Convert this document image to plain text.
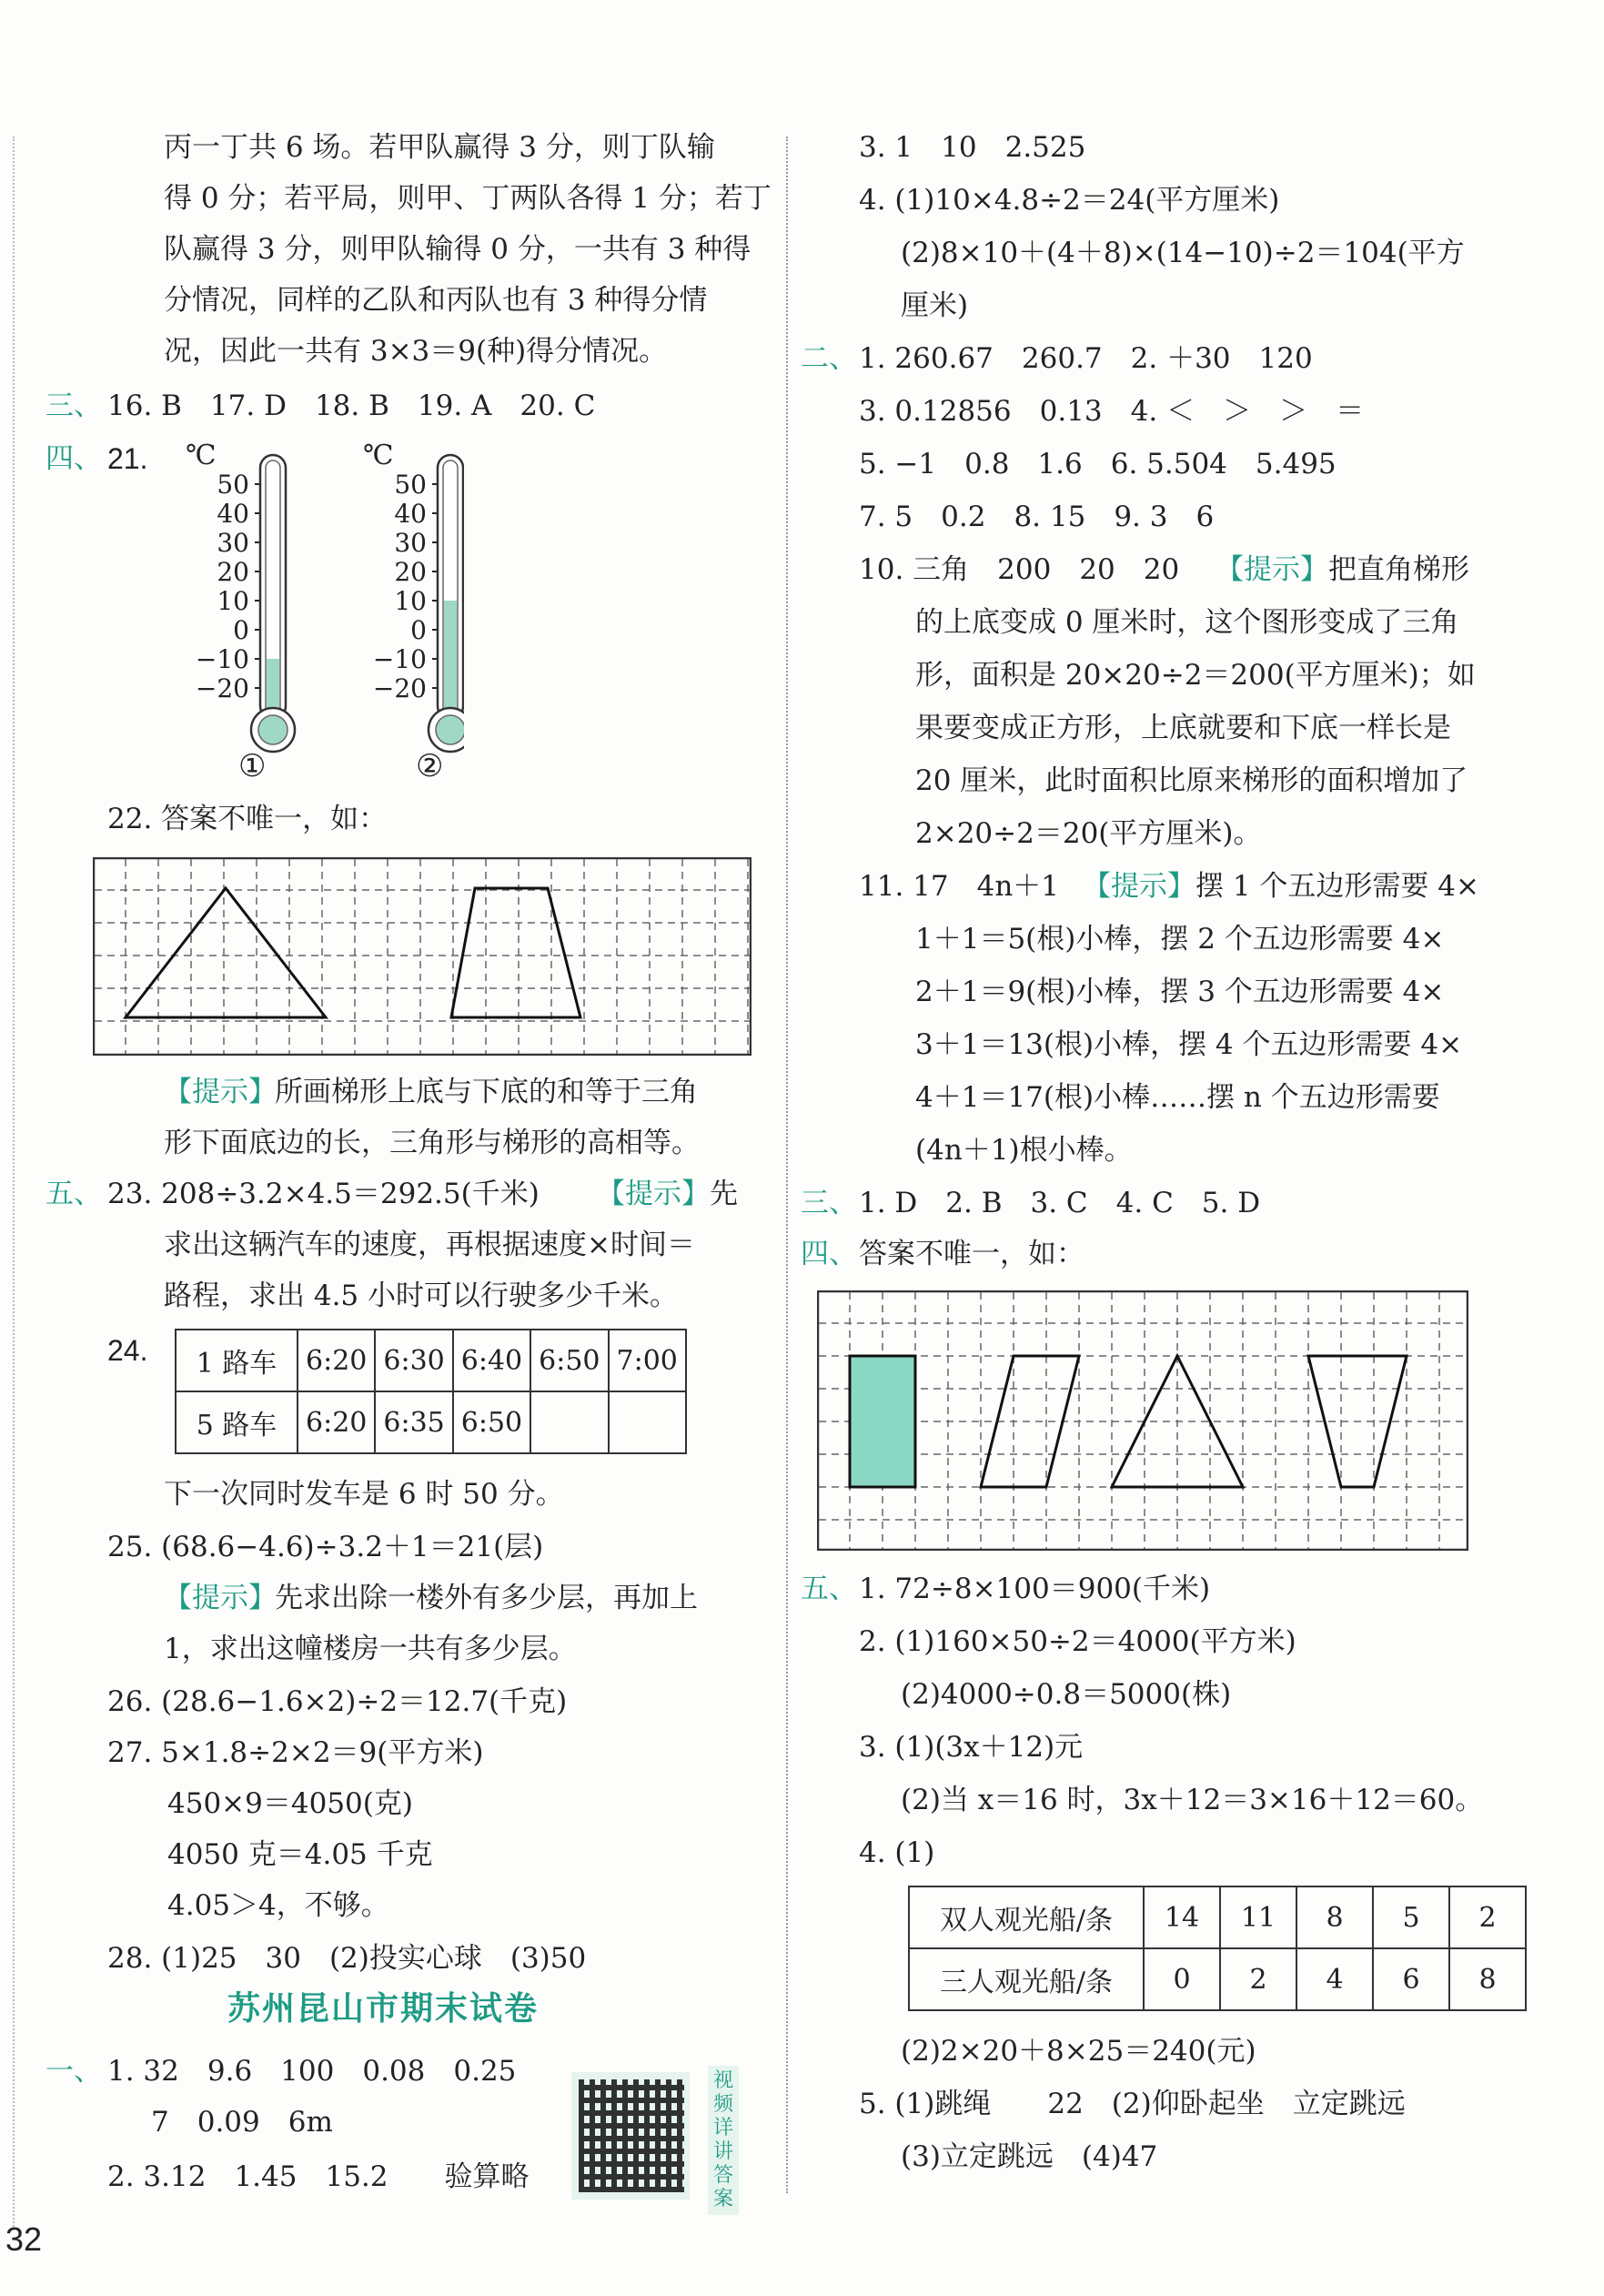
丙一丁共 6 场。若甲队赢得 3 分，则丁队输
得 0 分；若平局，则甲、丁两队各得 1 分；若丁
队赢得 3 分，则甲队输得 0 分，一共有 3 种得
分情况，同样的乙队和丙队也有 3 种得分情
况，因此一共有 3×3＝9(种)得分情况。
三、 16. B　17. D　18. B　19. A　20. C
四、 21. ℃
50
40
30
20
10
0
−10
−20
℃
50
40
30
20
10
0
−10
−20
①	②
22. 答案不唯一，如：
【提示】
所画梯形上底与下底的和等于三角
形下面底边的长，三角形与梯形的高相等。
五、 23. 208÷3.2×4.5＝292.5(千米) 【提示】 先
求出这辆汽车的速度，再根据速度×时间＝
路程，求出 4.5 小时可以行驶多少千米。
24. 1 路车	6:20	6:30	6:40	6:50	7:00
5 路车	6:20	6:35	6:50		
下一次同时发车是 6 时 50 分。
25. (68.6−4.6)÷3.2＋1＝21(层)
【提示】
先求出除一楼外有多少层，再加上
1，求出这幢楼房一共有多少层。
26. (28.6−1.6×2)÷2＝12.7(千克)
27. 5×1.8÷2×2＝9(平方米)
450×9＝4050(克)
4050 克＝4.05 千克
4.05＞4，不够。
28. (1)25　30　(2)投实心球　(3)50
苏州昆山市期末试卷
一、 1. 32　9.6　100　0.08　0.25
7　0.09　6m
2. 3.12　1.45　15.2　　验算略
视频详讲答案
3. 1　10　2.525
4. (1)10×4.8÷2＝24(平方厘米)
(2)8×10＋(4＋8)×(14−10)÷2＝104(平方
厘米)
二、 1. 260.67　260.7　2. ＋30　120
3. 0.12856　0.13　4. ＜　＞　＞　＝
5. −1　0.8　1.6　6. 5.504　5.495
7. 5　0.2　8. 15　9. 3　6
10. 三角　200　20　20 【提示】 把直角梯形
的上底变成 0 厘米时，这个图形变成了三角
形，面积是 20×20÷2＝200(平方厘米)；如
果要变成正方形，上底就要和下底一样长是
20 厘米，此时面积比原来梯形的面积增加了
2×20÷2＝20(平方厘米)。
11. 17　4n＋1 【提示】 摆 1 个五边形需要 4×
1＋1＝5(根)小棒，摆 2 个五边形需要 4×
2＋1＝9(根)小棒，摆 3 个五边形需要 4×
3＋1＝13(根)小棒，摆 4 个五边形需要 4×
4＋1＝17(根)小棒……摆 n 个五边形需要
(4n＋1)根小棒。
三、 1. D　2. B　3. C　4. C　5. D
四、 答案不唯一，如：
五、 1. 72÷8×100＝900(千米)
2. (1)160×50÷2＝4000(平方米)
(2)4000÷0.8＝5000(株)
3. (1)(3x＋12)元
(2)当 x＝16 时，3x＋12＝3×16＋12＝60。
4. (1)
双人观光船/条	14	11	8	5	2
三人观光船/条	0	2	4	6	8
(2)2×20＋8×25＝240(元)
5. (1)跳绳　　22　(2)仰卧起坐　立定跳远
(3)立定跳远　(4)47
32
